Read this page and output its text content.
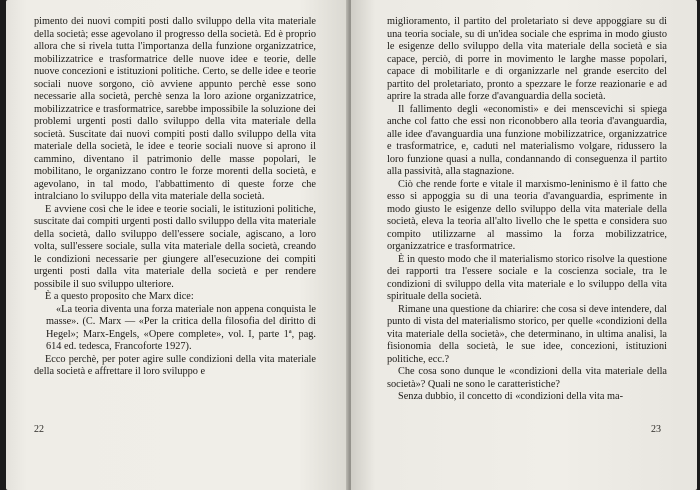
pimento dei nuovi compiti posti dallo sviluppo della vita materiale della società; esse agevolano il progresso della società. Ed è proprio allora che si rivela tutta l'importanza della funzione organizzatrice, mobilizzatrice e trasformatrice delle nuove idee e teorie, delle nuove concezioni e istituzioni politiche. Certo, se delle idee e teorie sociali nuove sorgono, ciò avviene appunto perchè esse sono necessarie alla società, perchè senza la loro azione organizzatrice, mobilizzatrice e trasformatrice, sarebbe impossibile la soluzione dei problemi urgenti posti dallo sviluppo della vita materiale della società. Suscitate dai nuovi compiti posti dallo sviluppo della vita materiale della società, le idee e teorie sociali nuove si aprono il cammino, diventano il patrimonio delle masse popolari, le mobilitano, le organizzano contro le forze morenti della società, e agevolano, in tal modo, l'abbattimento di queste forze che intralciano lo sviluppo della vita materiale della società.

E avviene così che le idee e teorie sociali, le istituzioni politiche, suscitate dai compiti urgenti posti dallo sviluppo della vita materiale della società, dallo sviluppo dell'essere sociale, agiscano, a loro volta, sull'essere sociale, sulla vita materiale della società, creando le condizioni necessarie per giungere all'esecuzione dei compiti urgenti posti dalla vita materiale della società e per rendere possibile il suo sviluppo ulteriore.

È a questo proposito che Marx dice:

«La teoria diventa una forza materiale non appena conquista le masse». (C. Marx — «Per la critica della filosofia del diritto di Hegel»; Marx-Engels, «Opere complete», vol. I, parte 1ª, pag. 614 ed. tedesca, Francoforte 1927).

Ecco perchè, per poter agire sulle condizioni della vita materiale della società e affrettare il loro sviluppo e

22

miglioramento, il partito del proletariato si deve appoggiare su di una teoria sociale, su di un'idea sociale che esprima in modo giusto le esigenze dello sviluppo della vita materiale della società e sia capace, perciò, di porre in movimento le larghe masse popolari, capace di mobilitarle e di organizzarle nel grande esercito del partito del proletariato, pronto a spezzare le forze reazionarie e ad aprire la strada alle forze d'avanguardia della società.

Il fallimento degli «economisti» e dei menscevichi si spiega anche col fatto che essi non riconobbero alla teoria d'avanguardia, alle idee d'avanguardia una funzione mobilizzatrice, organizzatrice e trasformatrice, e, caduti nel materialismo volgare, ridussero la loro funzione quasi a nulla, condannando di conseguenza il partito alla passività, alla stagnazione.

Ciò che rende forte e vitale il marxismo-leninismo è il fatto che esso si appoggia su di una teoria d'avanguardia, esprimente in modo giusto le esigenze dello sviluppo della vita materiale della società, eleva la teoria all'alto livello che le spetta e considera suo compito utilizzarne al massimo la forza mobilizzatrice, organizzatrice e trasformatrice.

È in questo modo che il materialismo storico risolve la questione dei rapporti tra l'essere sociale e la coscienza sociale, tra le condizioni di sviluppo della vita materiale e lo sviluppo della vita spirituale della società.

Rimane una questione da chiarire: che cosa si deve intendere, dal punto di vista del materialismo storico, per quelle «condizioni della vita materiale della società», che determinano, in ultima analisi, la fisionomia della società, le sue idee, concezioni, istituzioni politiche, ecc.?

Che cosa sono dunque le «condizioni della vita materiale della società»? Quali ne sono le caratteristiche?

Senza dubbio, il concetto di «condizioni della vita ma-

23
